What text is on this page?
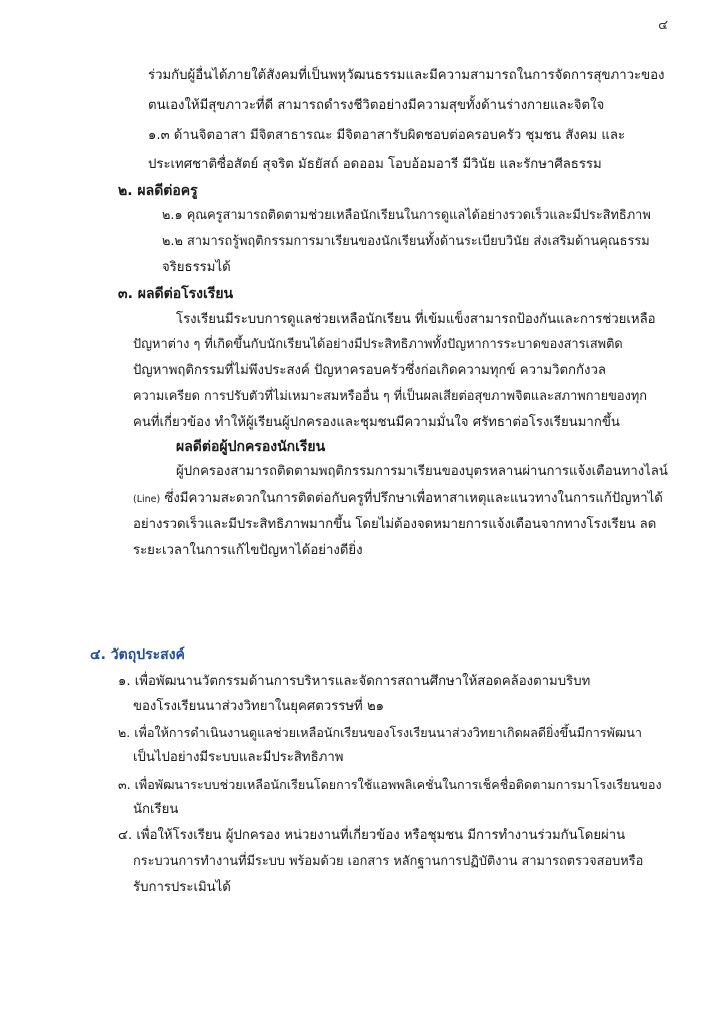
๔
ร่วมกับผู้อื่นได้ภายใต้สังคมที่เป็นพหุวัฒนธรรมและมีความสามารถในการจัดการสุขภาวะของ
ตนเองให้มีสุขภาวะที่ดี สามารถดำรงชีวิตอย่างมีความสุขทั้งด้านร่างกายและจิตใจ
๑.๓ ด้านจิตอาสา มีจิตสาธารณะ มีจิตอาสารับผิดชอบต่อครอบครัว ชุมชน สังคม และ
ประเทศชาติซื่อสัตย์ สุจริต มัธยัสถ์ อดออม โอบอ้อมอารี มีวินัย และรักษาศีลธรรม
๒. ผลดีต่อครู
๒.๑ คุณครูสามารถติดตามช่วยเหลือนักเรียนในการดูแลได้อย่างรวดเร็วและมีประสิทธิภาพ
๒.๒ สามารถรู้พฤติกรรมการมาเรียนของนักเรียนทั้งด้านระเบียบวินัย ส่งเสริมด้านคุณธรรม
จริยธรรมได้
๓. ผลดีต่อโรงเรียน
โรงเรียนมีระบบการดูแลช่วยเหลือนักเรียน ที่เข้มแข็งสามารถป้องกันและการช่วยเหลือ
ปัญหาต่าง ๆ ที่เกิดขึ้นกับนักเรียนได้อย่างมีประสิทธิภาพทั้งปัญหาการระบาดของสารเสพติด
ปัญหาพฤติกรรมที่ไม่พึงประสงค์ ปัญหาครอบครัวซึ่งก่อเกิดความทุกข์ ความวิตกกังวล
ความเครียด การปรับตัวที่ไม่เหมาะสมหรืออื่น ๆ ที่เป็นผลเสียต่อสุขภาพจิตและสภาพกายของทุก
คนที่เกี่ยวข้อง ทำให้ผู้เรียนผู้ปกครองและชุมชนมีความมั่นใจ ศรัทธาต่อโรงเรียนมากขึ้น
ผลดีต่อผู้ปกครองนักเรียน
ผู้ปกครองสามารถติดตามพฤติกรรมการมาเรียนของบุตรหลานผ่านการแจ้งเตือนทางไลน์
(Line) ซึ่งมีความสะดวกในการติดต่อกับครูที่ปรึกษาเพื่อหาสาเหตุและแนวทางในการแก้ปัญหาได้
อย่างรวดเร็วและมีประสิทธิภาพมากขึ้น โดยไม่ต้องจดหมายการแจ้งเตือนจากทางโรงเรียน ลด
ระยะเวลาในการแก้ไขปัญหาได้อย่างดียิ่ง
๔. วัตถุประสงค์
๑. เพื่อพัฒนานวัตกรรมด้านการบริหารและจัดการสถานศึกษาให้สอดคล้องตามบริบท
ของโรงเรียนนาส่วงวิทยาในยุคศตวรรษที่ ๒๑
๒. เพื่อให้การดำเนินงานดูแลช่วยเหลือนักเรียนของโรงเรียนนาส่วงวิทยาเกิดผลดียิ่งขึ้นมีการพัฒนา
เป็นไปอย่างมีระบบและมีประสิทธิภาพ
๓. เพื่อพัฒนาระบบช่วยเหลือนักเรียนโดยการใช้แอพพลิเคชั่นในการเช็คชื่อติดตามการมาโรงเรียนของ
นักเรียน
๔. เพื่อให้โรงเรียน ผู้ปกครอง หน่วยงานที่เกี่ยวข้อง หรือชุมชน มีการทำงานร่วมกันโดยผ่าน
กระบวนการทำงานที่มีระบบ พร้อมด้วย เอกสาร หลักฐานการปฏิบัติงาน สามารถตรวจสอบหรือ
รับการประเมินได้
